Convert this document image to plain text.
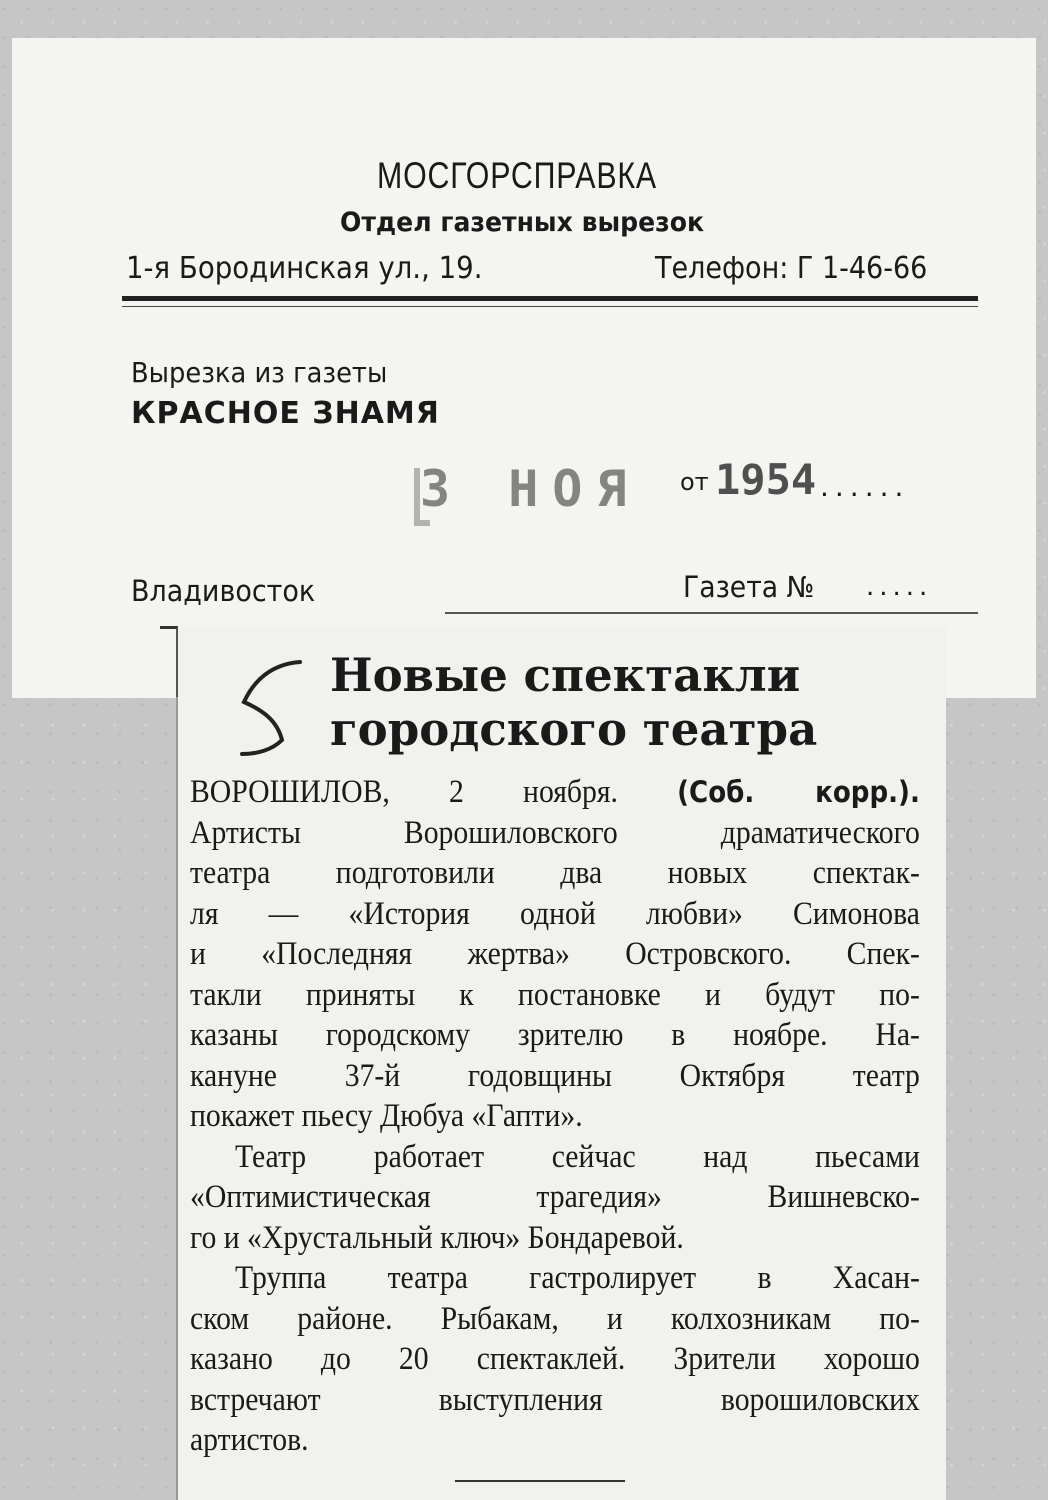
МОСГОРСПРАВКА
Отдел газетных вырезок
1-я Бородинская ул., 19.	Телефон: Г 1-46-66
Вырезка из газеты
КРАСНОЕ ЗНАМЯ
3 НОЯ	от 1954 ......
Владивосток	Газета № .....
Новые спектакли
городского театра
ВОРОШИЛОВ, 2 ноября. (Соб. корр.).
Артисты Ворошиловского драматического
театра подготовили два новых спектак-
ля — «История одной любви» Симонова
и «Последняя жертва» Островского. Спек-
такли приняты к постановке и будут по-
казаны городскому зрителю в ноябре. На-
кануне 37-й годовщины Октября театр
покажет пьесу Дюбуа «Гапти».
Театр работает сейчас над пьесами
«Оптимистическая трагедия» Вишневско-
го и «Хрустальный ключ» Бондаревой.
Труппа театра гастролирует в Хасан-
ском районе. Рыбакам, и колхозникам по-
казано до 20 спектаклей. Зрители хорошо
встречают выступления ворошиловских
артистов.
